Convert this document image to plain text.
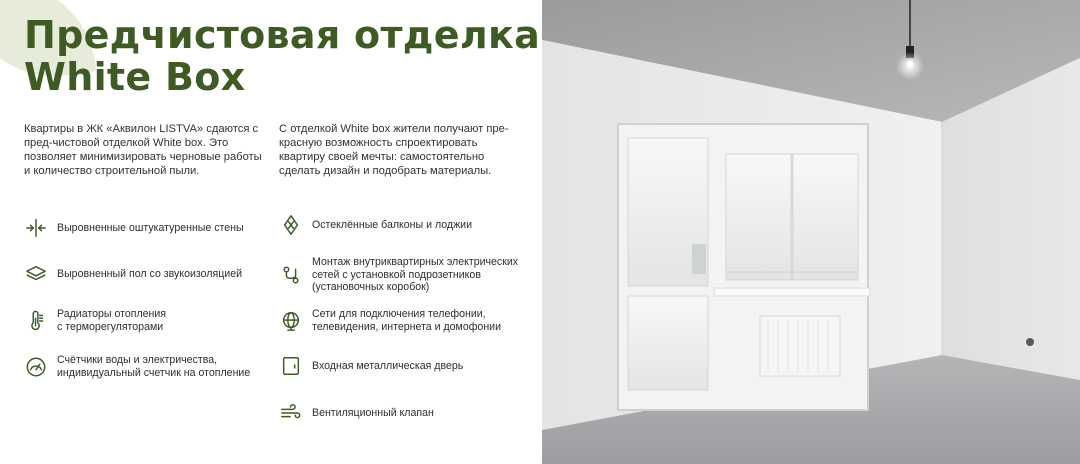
Предчистовая отделка
White Box

Квартиры в ЖК «Аквилон LISTVA» сдаются с пред-чистовой отделкой White box. Это позволяет минимизировать черновые работы и количество строительной пыли.

С отделкой White box жители получают пре-красную возможность спроектировать квартиру своей мечты: самостоятельно сделать дизайн и подобрать материалы.

Выровненные оштукатуренные стены
Выровненный пол со звукоизоляцией
Радиаторы отопления
с терморегуляторами
Счётчики воды и электричества,
индивидуальный счетчик на отопление
Остеклённые балконы и лоджии
Монтаж внутриквартирных электрических
сетей с установкой подрозетников
(установочных коробок)
Сети для подключения телефонии,
телевидения, интернета и домофонии
Входная металлическая дверь
Вентиляционный клапан
